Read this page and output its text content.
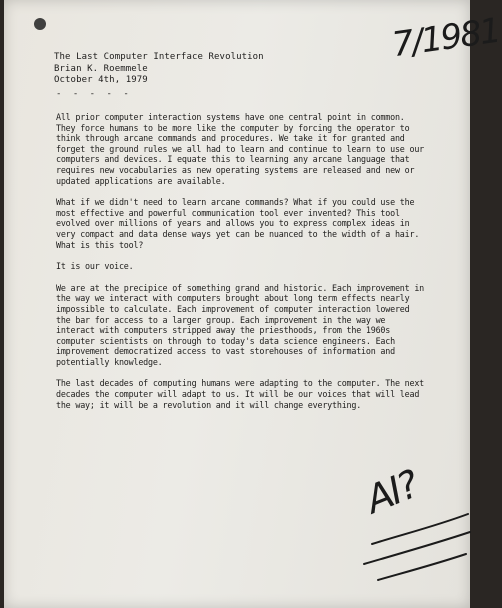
7/1981
The Last Computer Interface Revolution
Brian K. Roemmele
October 4th, 1979
- - - - -

All prior computer interaction systems have one central point in common. They force humans to be more like the computer by forcing the operator to think through arcane commands and procedures. We take it for granted and forget the ground rules we all had to learn and continue to learn to use our computers and devices. I equate this to learning any arcane language that requires new vocabularies as new operating systems are released and new or updated applications are available.

What if we didn't need to learn arcane commands? What if you could use the most effective and powerful communication tool ever invented? This tool evolved over millions of years and allows you to express complex ideas in very compact and data dense ways yet can be nuanced to the width of a hair. What is this tool?

It is our voice.

We are at the precipice of something grand and historic. Each improvement in the way we interact with computers brought about long term effects nearly impossible to calculate. Each improvement of computer interaction lowered the bar for access to a larger group. Each improvement in the way we interact with computers stripped away the priesthoods, from the 1960s computer scientists on through to today's data science engineers. Each improvement democratized access to vast storehouses of information and potentially knowledge.

The last decades of computing humans were adapting to the computer. The next decades the computer will adapt to us. It will be our voices that will lead the way; it will be a revolution and it will change everything.

AI?
